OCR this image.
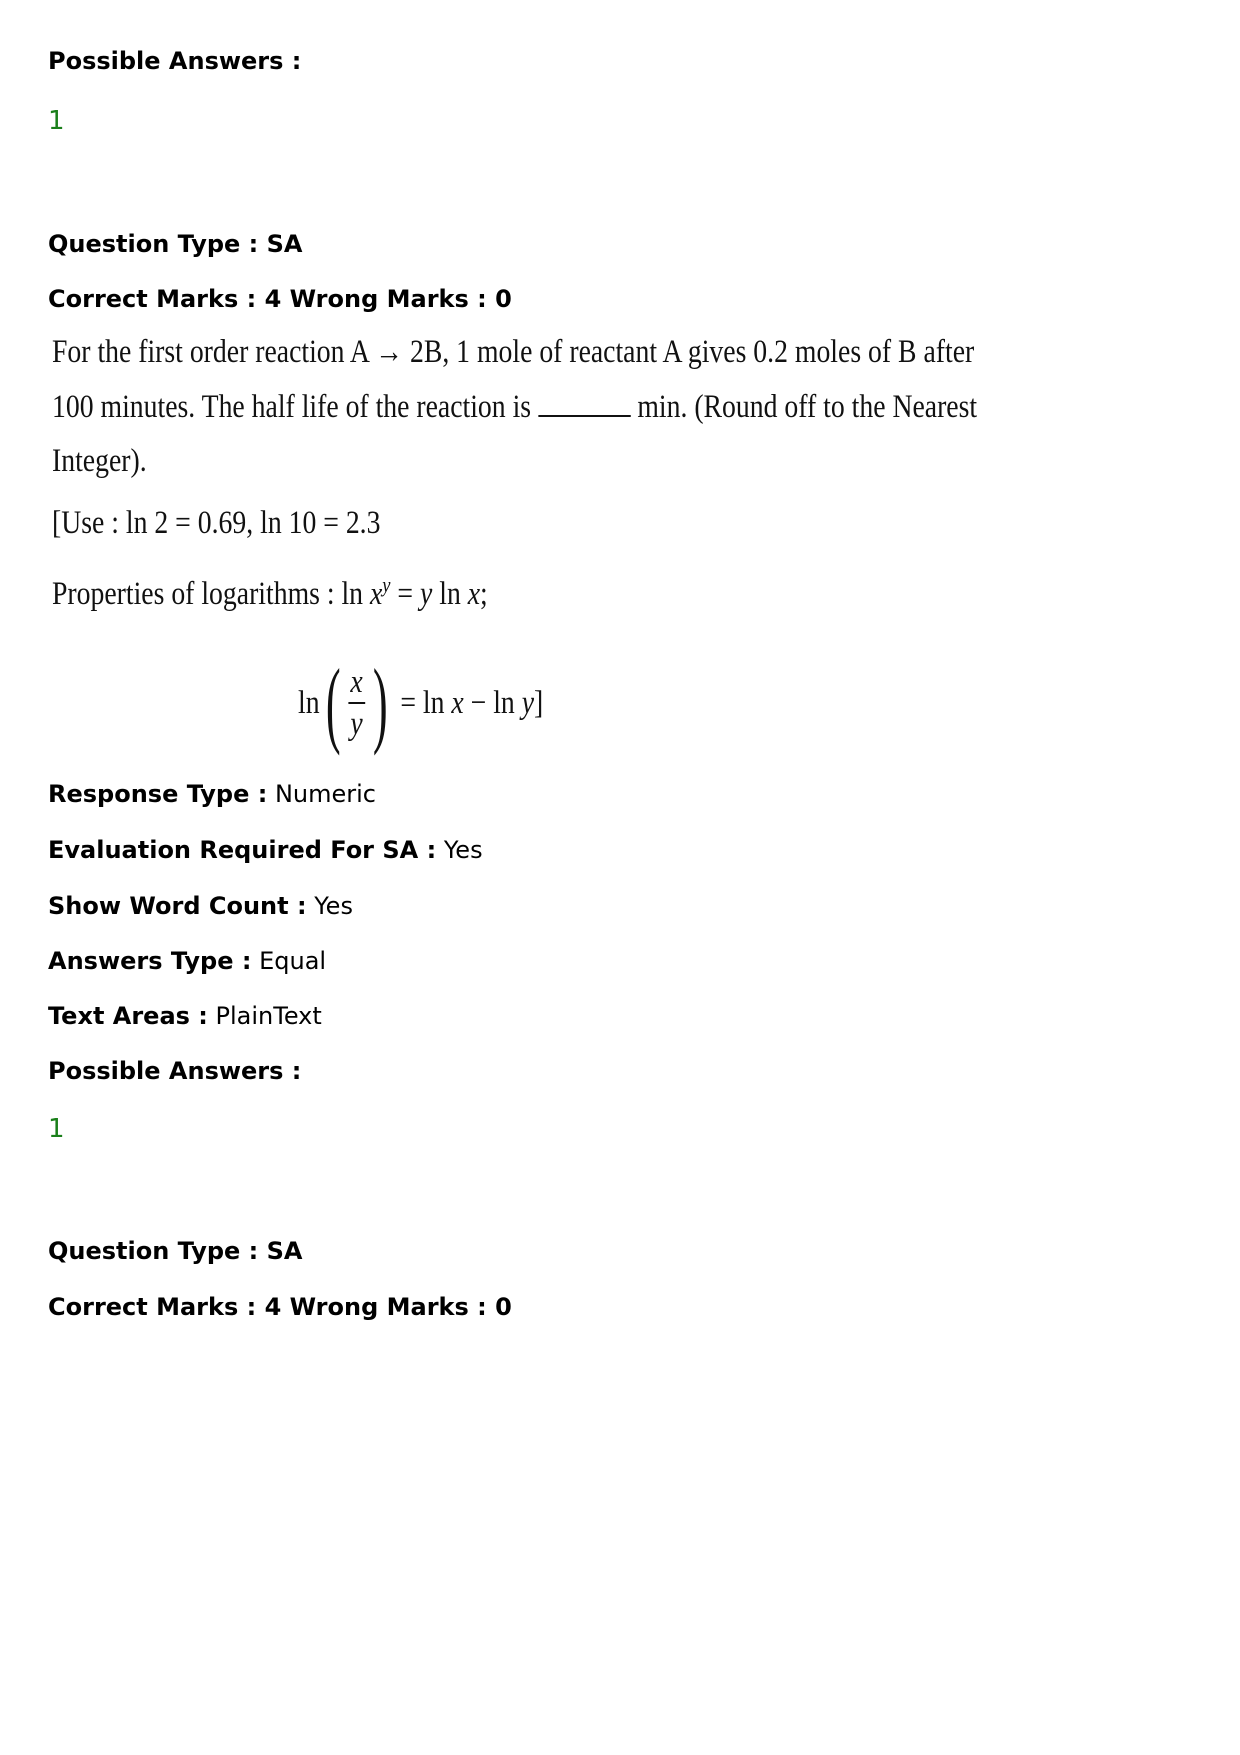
Possible Answers :
1
Question Type : SA
Correct Marks : 4 Wrong Marks : 0
For the first order reaction A → 2B, 1 mole of reactant A gives 0.2 moles of B after
100 minutes. The half life of the reaction is	min. (Round off to the Nearest
Integer).
[Use : ln 2 = 0.69, ln 10 = 2.3
Properties of logarithms : $\ln x^y = y$ ln x;
ln ( $\frac{x}{y}$ ) = ln x − ln y ]
Response Type : Numeric
Evaluation Required For SA : Yes
Show Word Count : Yes
Answers Type : Equal
Text Areas : PlainText
Possible Answers :
1
Question Type : SA
Correct Marks : 4 Wrong Marks : 0
